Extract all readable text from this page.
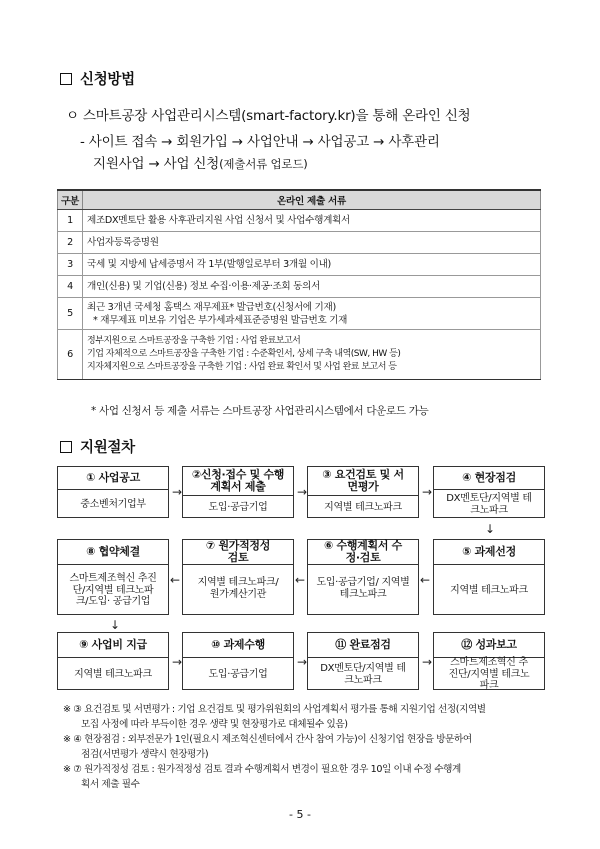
신청방법
ㅇ 스마트공장 사업관리시스템(smart-factory.kr)을 통해 온라인 신청
- 사이트 접속 → 회원가입 → 사업안내 → 사업공고 → 사후관리
지원사업 → 사업 신청(제출서류 업로드)
구분	온라인 제출 서류
1	제조DX멘토단 활용 사후관리지원 사업 신청서 및 사업수행계획서

2	사업자등록증명원

3	국세 및 지방세 납세증명서 각 1부(발행일로부터 3개월 이내)

4	개인(신용) 및 기업(신용) 정보 수집·이용·제공·조회 동의서

5	최근 3개년 국세청 홈택스 재무제표* 발급번호(신청서에 기재)
* 재무제표 미보유 기업은 부가세과세표준증명원 발급번호 기재

6	정부지원으로 스마트공장을 구축한 기업 : 사업 완료보고서
기업 자체적으로 스마트공장을 구축한 기업 : 수준확인서, 상세 구축 내역(SW, HW 등)
지자체지원으로 스마트공장을 구축한 기업 : 사업 완료 확인서 및 사업 완료 보고서 등
* 사업 신청서 등 제출 서류는 스마트공장 사업관리시스템에서 다운로드 가능
지원절차
① 사업공고
중소벤처기업부
→
②신청·접수 및 수행계획서 제출
도입·공급기업
→
③ 요건검토 및 서면평가
지역별 테크노파크
→
④ 현장점검
DX멘토단/지역별 테크노파크
↓
⑧ 협약체결
스마트제조혁신 추진단/지역별 테크노파크/도입· 공급기업
←
⑦ 원가적정성 검토
지역별 테크노파크/ 원가계산기관
←
⑥ 수행계획서 수정·검토
도입·공급기업/ 지역별 테크노파크
←
⑤ 과제선정
지역별 테크노파크
↓
⑨ 사업비 지급
지역별 테크노파크
→
⑩ 과제수행
도입·공급기업
→
⑪ 완료점검
DX멘토단/지역별 테크노파크
→
⑫ 성과보고
스마트제조혁신 추진단/지역별 테크노파크
※ ③ 요건검토 및 서면평가 : 기업 요건검토 및 평가위원회의 사업계획서 평가를 통해 지원기업 선정(지역별
모집 사정에 따라 부득이한 경우 생략 및 현장평가로 대체될수 있음)
※ ④ 현장점검 : 외부전문가 1인(필요시 제조혁신센터에서 간사 참여 가능)이 신청기업 현장을 방문하여
점검(서면평가 생략시 현장평가)
※ ⑦ 원가적정성 검토 : 원가적정성 검토 결과 수행계획서 변경이 필요한 경우 10일 이내 수정 수행계
획서 제출 필수
- 5 -
